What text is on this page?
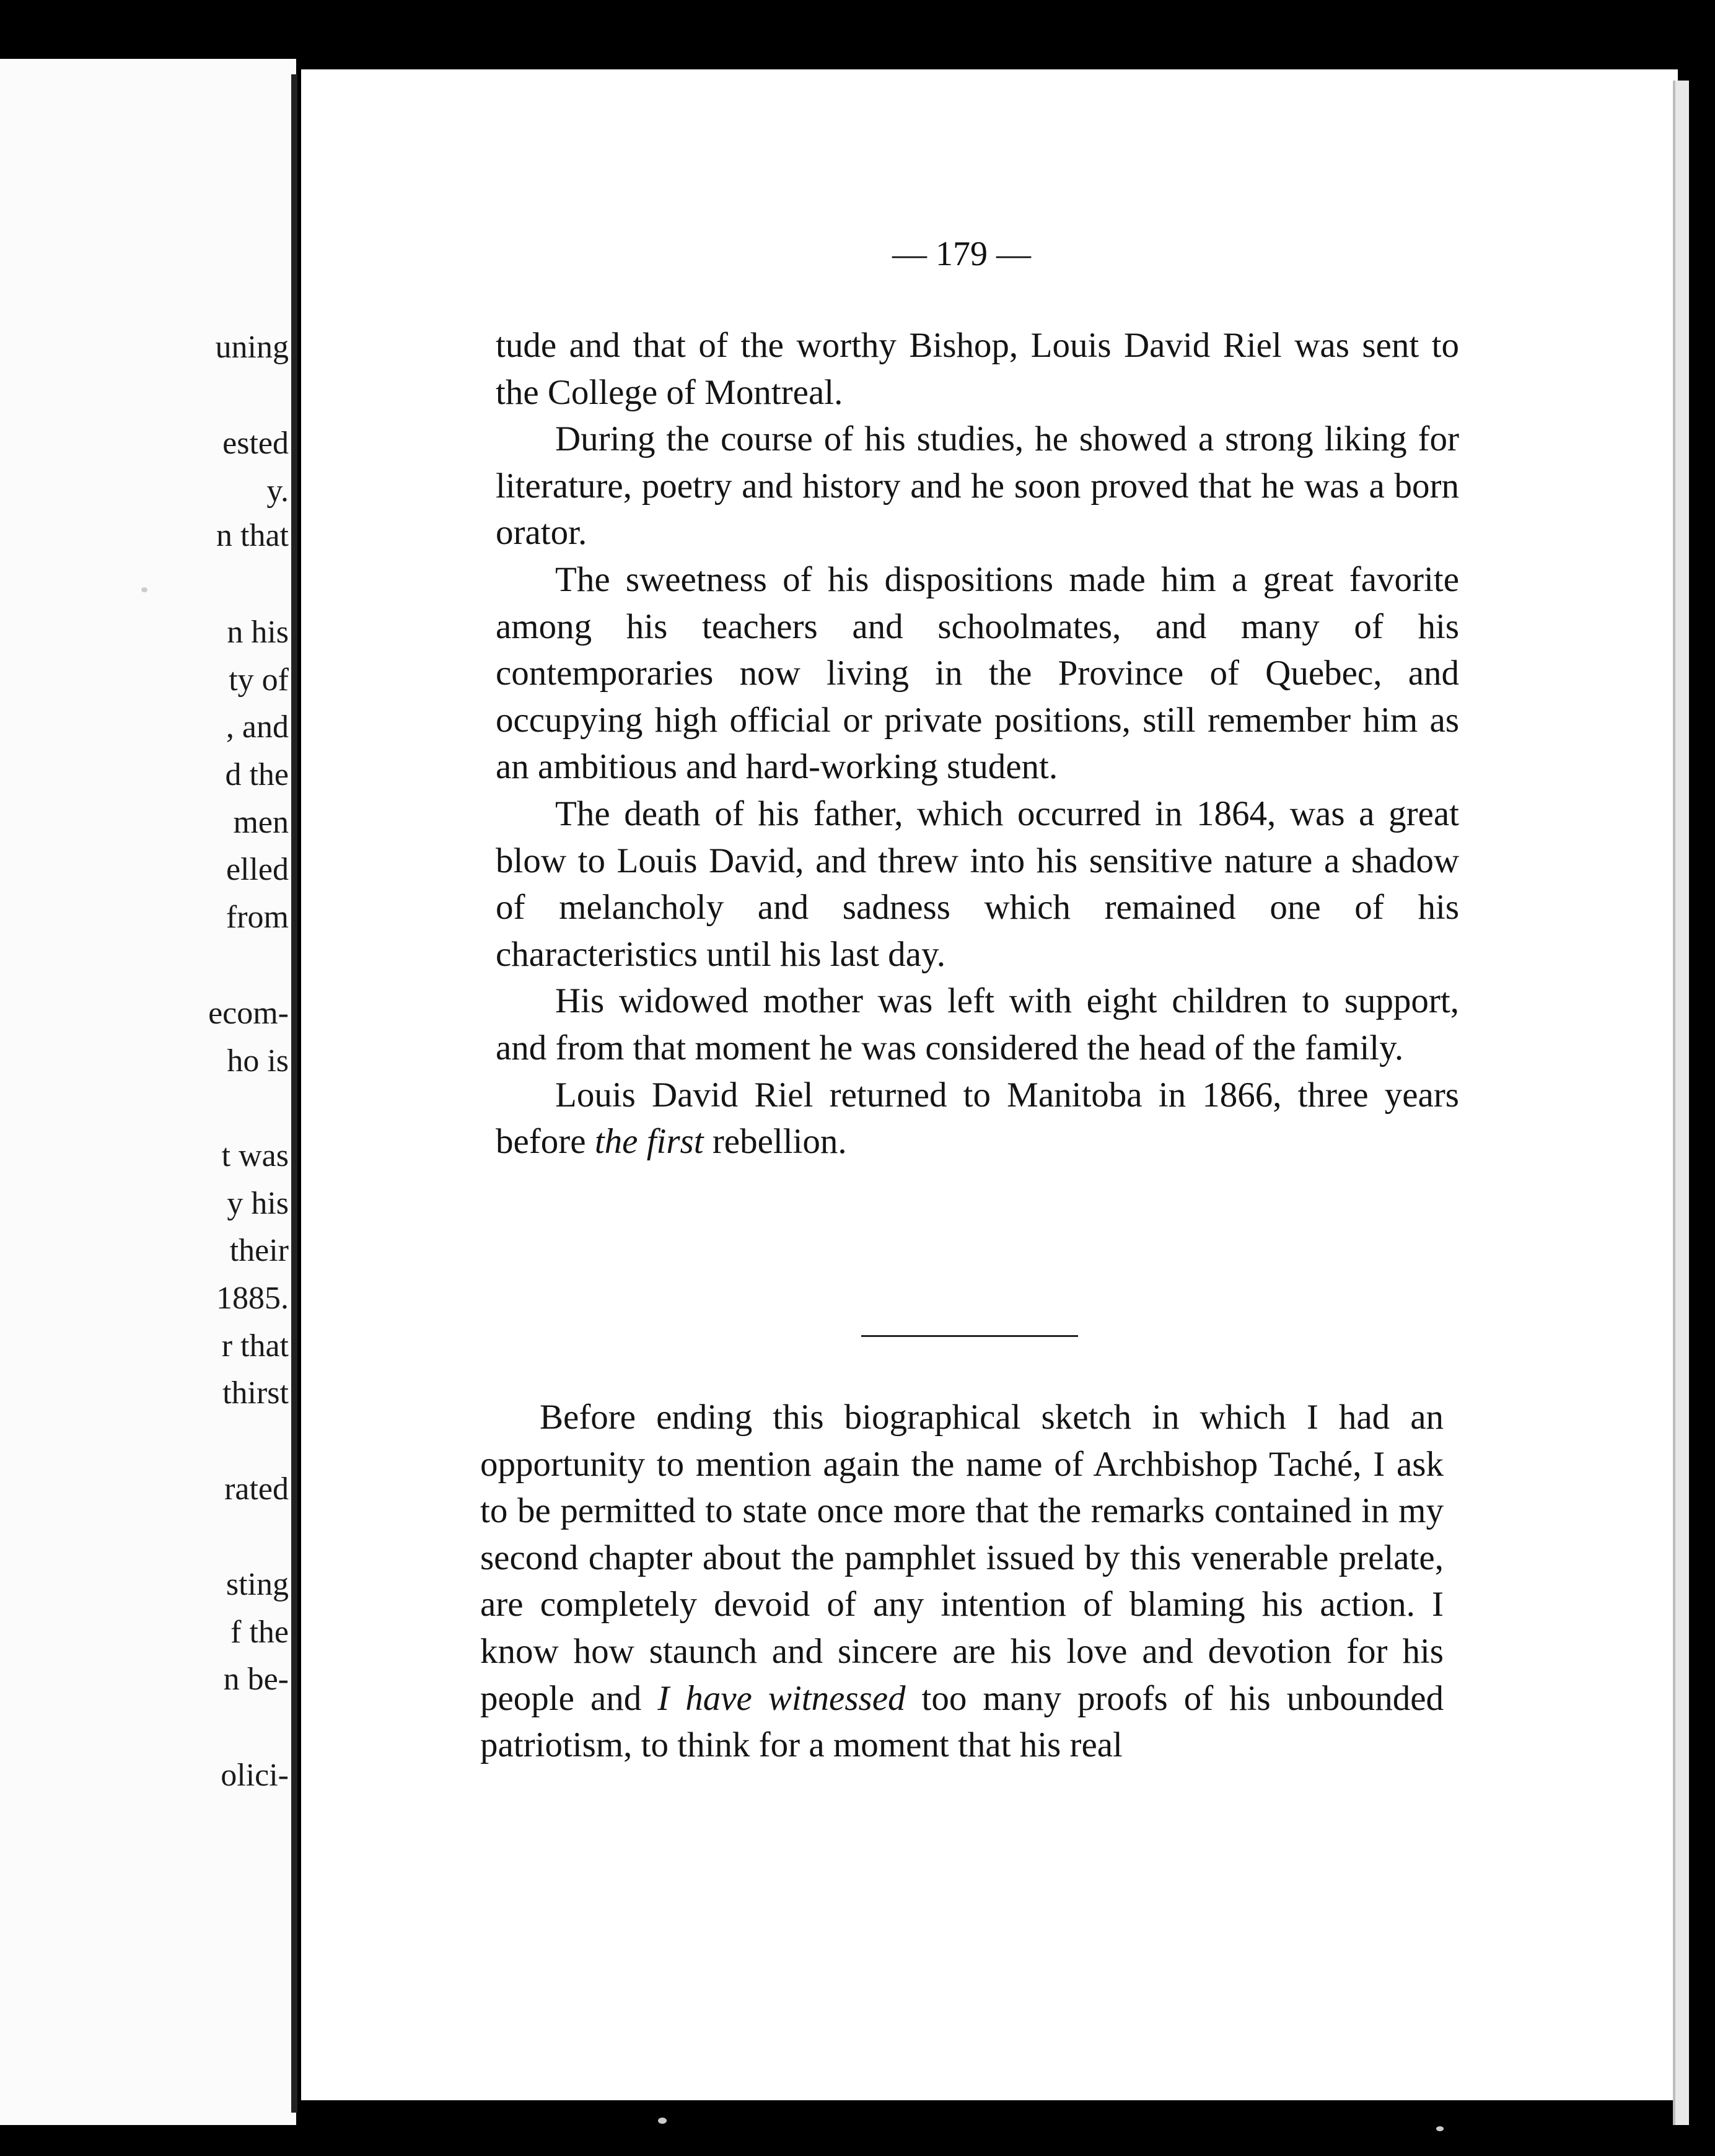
uning
ested
y.
n that
n his
ty of
, and
d the
men
elled
from
ecom-
ho is
t was
y his
their
1885.
r that
thirst
rated
sting
f the
n be-
olici-
— 179 —

tude and that of the worthy Bishop, Louis David Riel was sent to the College of Montreal.

During the course of his studies, he showed a strong liking for literature, poetry and history and he soon proved that he was a born orator.

The sweetness of his dispositions made him a great favorite among his teachers and schoolmates, and many of his contemporaries now living in the Province of Quebec, and occupying high official or private positions, still remember him as an ambitious and hard-working student.

The death of his father, which occurred in 1864, was a great blow to Louis David, and threw into his sensitive nature a shadow of melancholy and sadness which remained one of his characteristics until his last day.

His widowed mother was left with eight children to support, and from that moment he was considered the head of the family.

Louis David Riel returned to Manitoba in 1866, three years before the first rebellion.

Before ending this biographical sketch in which I had an opportunity to mention again the name of Archbishop Taché, I ask to be permitted to state once more that the remarks contained in my second chapter about the pamphlet issued by this venerable prelate, are completely devoid of any intention of blaming his action. I know how staunch and sincere are his love and devotion for his people and I have witnessed too many proofs of his unbounded patriotism, to think for a moment that his real
